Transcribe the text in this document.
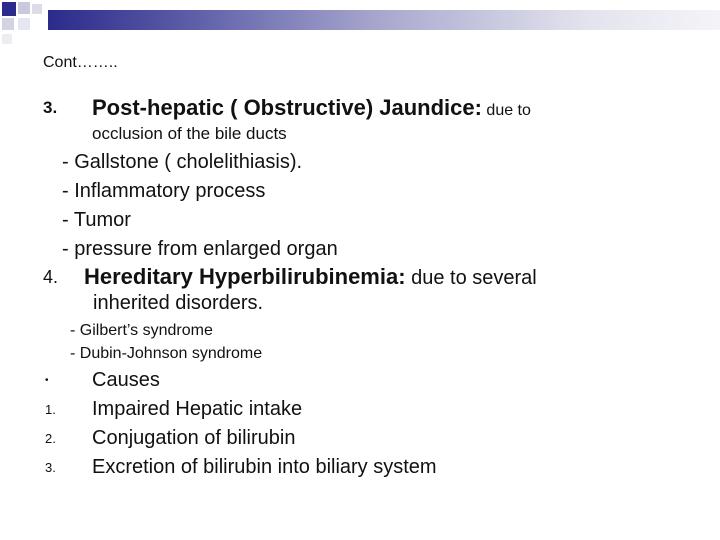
Cont……..
3. Post-hepatic ( Obstructive) Jaundice: due to
occlusion of the bile ducts
- Gallstone ( cholelithiasis).
- Inflammatory process
- Tumor
- pressure from enlarged organ
4. Hereditary Hyperbilirubinemia: due to several
inherited disorders.
- Gilbert’s syndrome
- Dubin-Johnson syndrome
•	Causes
1.	Impaired Hepatic intake
2.	Conjugation of bilirubin
3.	Excretion of bilirubin into biliary system
